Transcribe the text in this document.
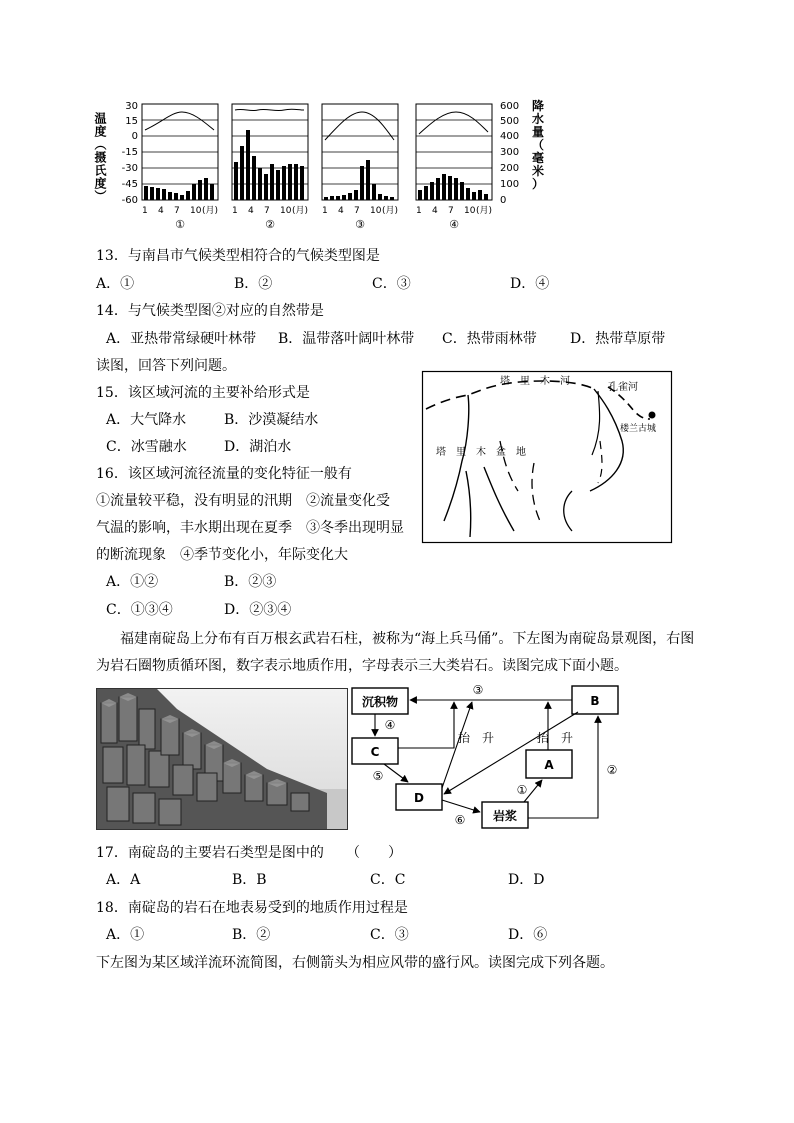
温度（摄氏度）
30
15
0
-15
-30
-45
-60
600
500
400
300
200
100
0
降水量（毫米）
1 4 7 10 (月) 1 4 7 10 (月) 1 4 7 10 (月) 1 4 7 10 (月)
①	②	③	④
13．与南昌市气候类型相符合的气候类型图是
A．①	B．②	C．③	D．④
14．与气候类型图②对应的自然带是
A．亚热带常绿硬叶林带 B．温带落叶阔叶林带 C．热带雨林带 D．热带草原带
读图，回答下列问题。
15．该区域河流的主要补给形式是
A．大气降水	B．沙漠凝结水
C．冰雪融水	D．湖泊水
16．该区域河流径流量的变化特征一般有
①流量较平稳，没有明显的汛期　②流量变化受
气温的影响，丰水期出现在夏季　③冬季出现明显
的断流现象　④季节变化小，年际变化大
A．①②	B．②③
C．①③④	D．②③④
塔　里　木　河
孔雀河
楼兰古城
塔　里　木　盆　地
福建南碇岛上分布有百万根玄武岩石柱，被称为“海上兵马俑”。下左图为南碇岛景观图，右图
为岩石圈物质循环图，数字表示地质作用，字母表示三大类岩石。读图完成下面小题。
沉积物
C
D
岩浆
A
B
③
④
⑤
⑥
①
②
抬　升	抬　升
17．南碇岛的主要岩石类型是图中的 （　　）
A．A	B．B	C．C	D．D
18．南碇岛的岩石在地表易受到的地质作用过程是
A．①	B．②	C．③	D．⑥
下左图为某区域洋流环流简图，右侧箭头为相应风带的盛行风。读图完成下列各题。
